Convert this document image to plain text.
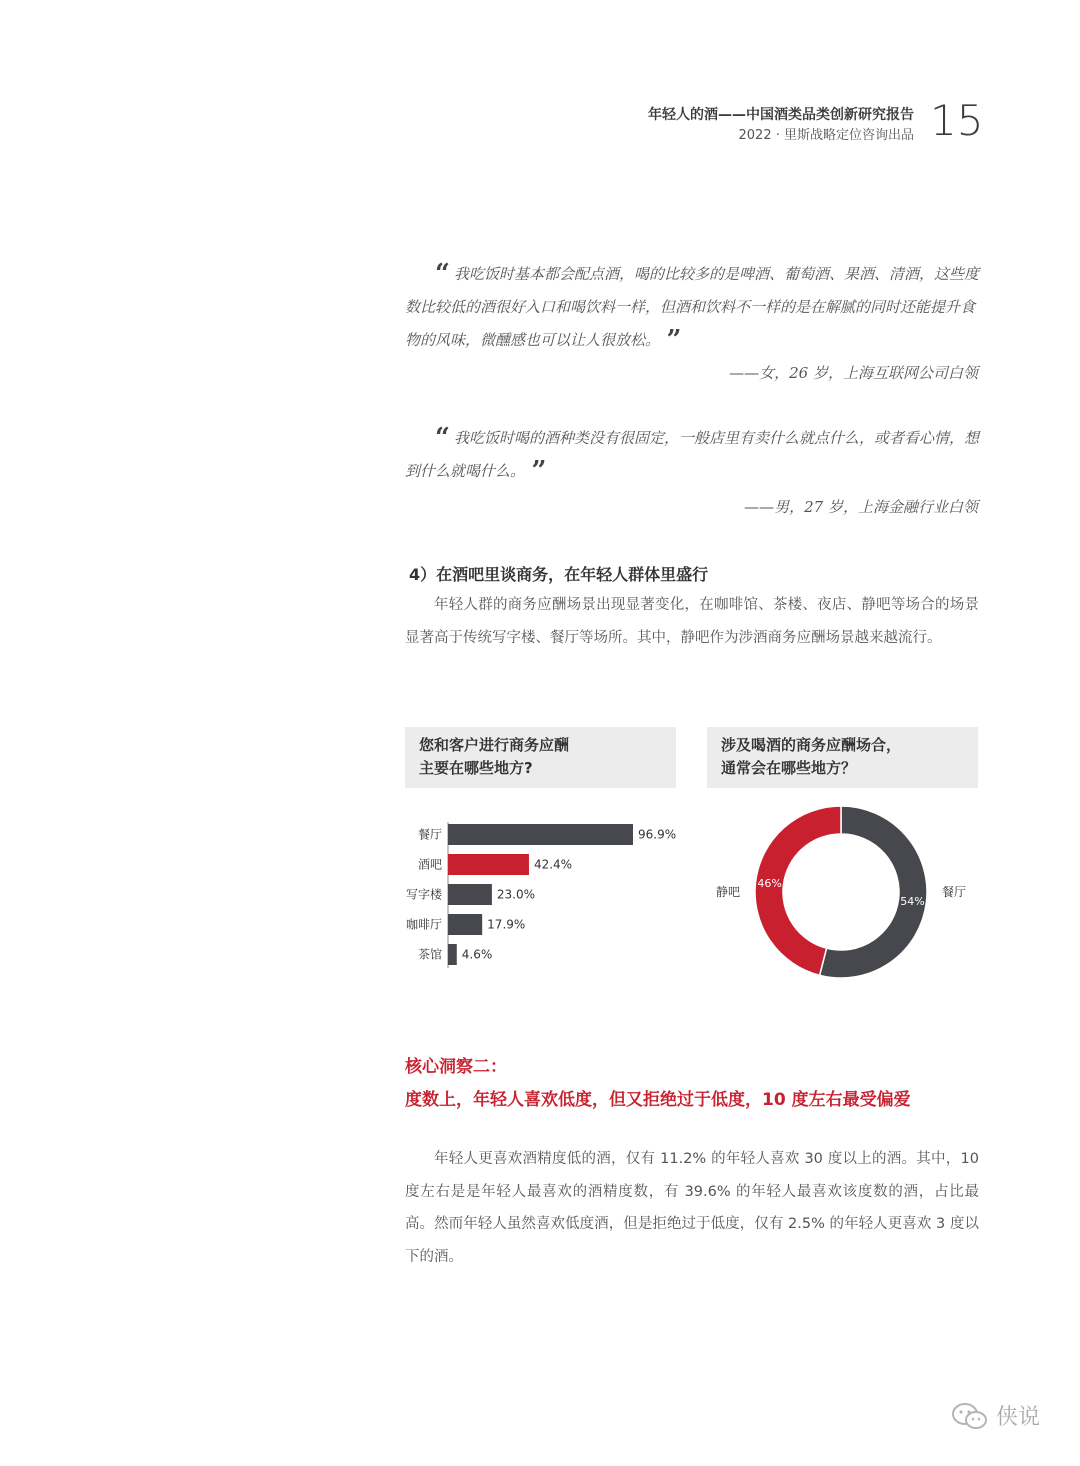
年轻人的酒——中国酒类品类创新研究报告
2022 · 里斯战略定位咨询出品 15
“ 我吃饭时基本都会配点酒，喝的比较多的是啤酒、葡萄酒、果酒、清酒，这些度数比较低的酒很好入口和喝饮料一样，但酒和饮料不一样的是在解腻的同时还能提升食物的风味，微醺感也可以让人很放松。 ”
——女，26 岁，上海互联网公司白领
“ 我吃饭时喝的酒种类没有很固定，一般店里有卖什么就点什么，或者看心情，想到什么就喝什么。 ”
——男，27 岁，上海金融行业白领
4）在酒吧里谈商务，在年轻人群体里盛行
年轻人群的商务应酬场景出现显著变化，在咖啡馆、茶楼、夜店、静吧等场合的场景显著高于传统写字楼、餐厅等场所。其中，静吧作为涉酒商务应酬场景越来越流行。
您和客户进行商务应酬
主要在哪些地方?
涉及喝酒的商务应酬场合，
通常会在哪些地方？
餐厅	96.9%
酒吧	42.4%
写字楼	23.0%
咖啡厅	17.9%
茶馆 4.6%
54%
餐厅
46%
静吧
核心洞察二：
度数上，年轻人喜欢低度，但又拒绝过于低度，10 度左右最受偏爱
年轻人更喜欢酒精度低的酒，仅有 11.2% 的年轻人喜欢 30 度以上的酒。其中，10 度左右是是年轻人最喜欢的酒精度数，有 39.6% 的年轻人最喜欢该度数的酒，占比最高。然而年轻人虽然喜欢低度酒，但是拒绝过于低度，仅有 2.5% 的年轻人更喜欢 3 度以下的酒。
侠说
